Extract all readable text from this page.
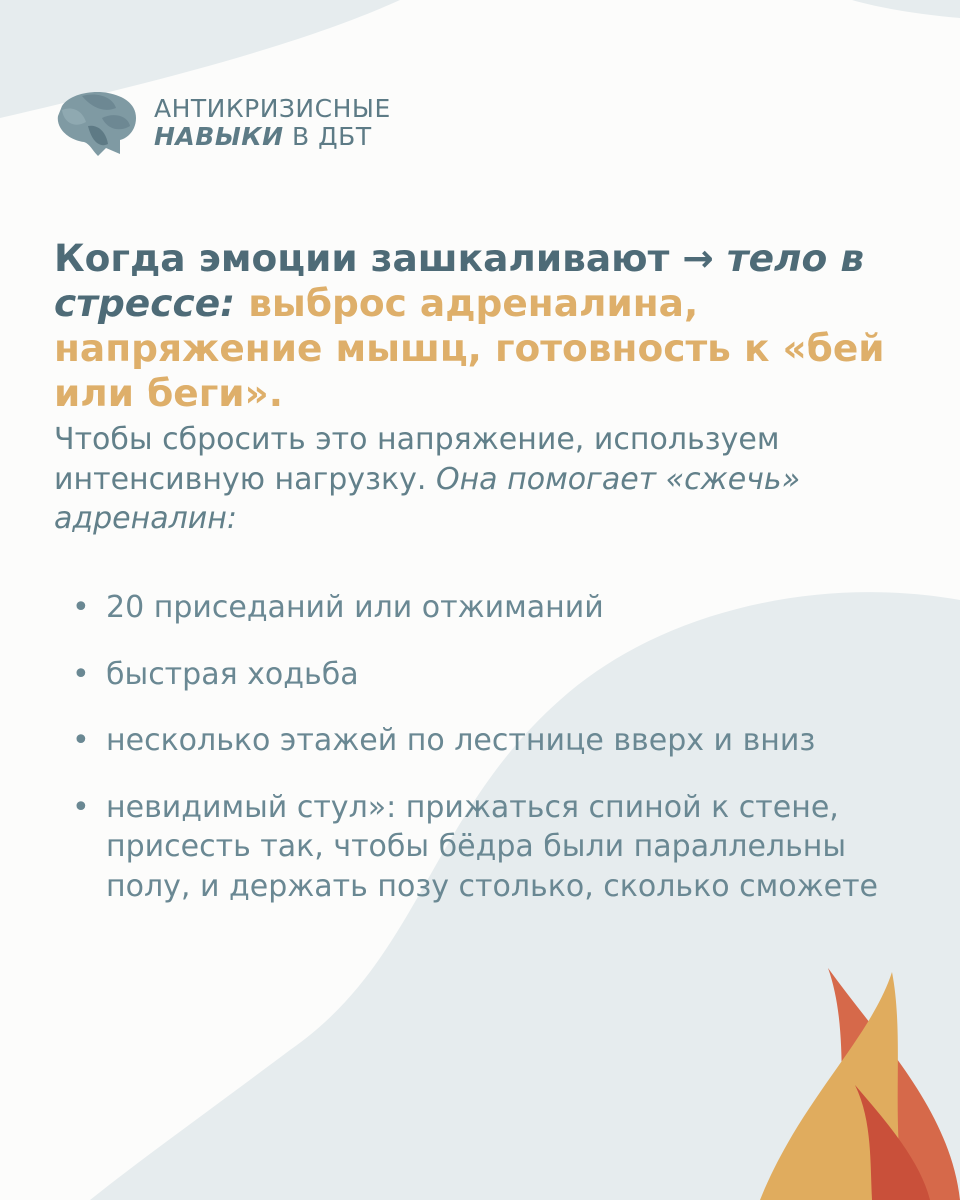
АНТИКРИЗИСНЫЕ
НАВЫКИ В ДБТ
Когда эмоции зашкаливают → тело в стрессе: выброс адреналина, напряжение мышц, готовность к «бей или беги».
Чтобы сбросить это напряжение, используем интенсивную нагрузку. Она помогает «сжечь» адреналин:
• 20 приседаний или отжиманий
• быстрая ходьба
• несколько этажей по лестнице вверх и вниз
• невидимый стул»: прижаться спиной к стене, присесть так, чтобы бёдра были параллельны полу, и держать позу столько, сколько сможете
